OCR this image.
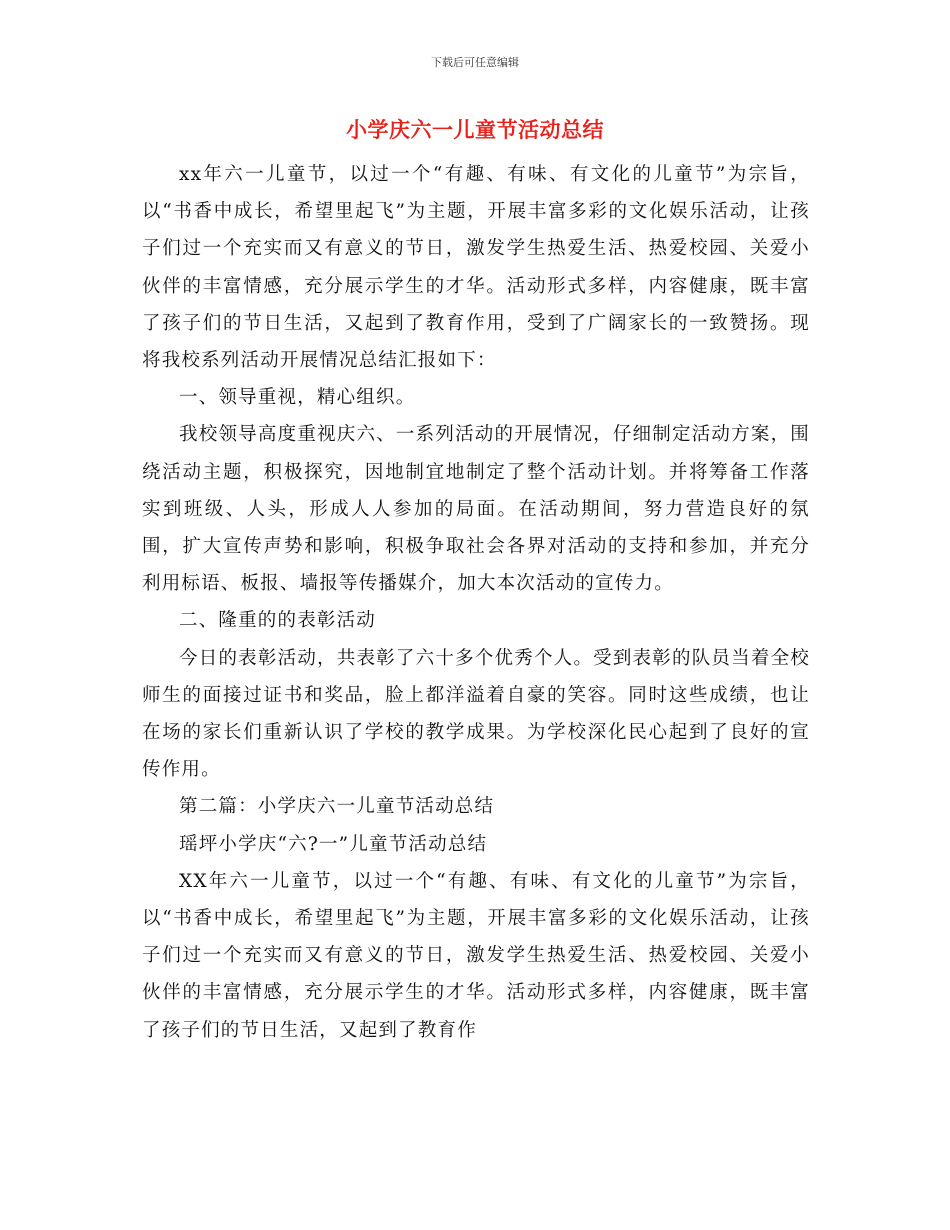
下载后可任意编辑
小学庆六一儿童节活动总结

xx年六一儿童节，以过一个“有趣、有味、有文化的儿童节”为宗旨，以“书香中成长，希望里起飞”为主题，开展丰富多彩的文化娱乐活动，让孩子们过一个充实而又有意义的节日，激发学生热爱生活、热爱校园、关爱小伙伴的丰富情感，充分展示学生的才华。活动形式多样，内容健康，既丰富了孩子们的节日生活，又起到了教育作用，受到了广阔家长的一致赞扬。现将我校系列活动开展情况总结汇报如下：

一、领导重视，精心组织。

我校领导高度重视庆六、一系列活动的开展情况，仔细制定活动方案，围绕活动主题，积极探究，因地制宜地制定了整个活动计划。并将筹备工作落实到班级、人头，形成人人参加的局面。在活动期间，努力营造良好的氛围，扩大宣传声势和影响，积极争取社会各界对活动的支持和参加，并充分利用标语、板报、墙报等传播媒介，加大本次活动的宣传力。

二、隆重的的表彰活动

今日的表彰活动，共表彰了六十多个优秀个人。受到表彰的队员当着全校师生的面接过证书和奖品，脸上都洋溢着自豪的笑容。同时这些成绩，也让在场的家长们重新认识了学校的教学成果。为学校深化民心起到了良好的宣传作用。

第二篇：小学庆六一儿童节活动总结

瑶坪小学庆“六?一”儿童节活动总结

XX年六一儿童节，以过一个“有趣、有味、有文化的儿童节”为宗旨，以“书香中成长，希望里起飞”为主题，开展丰富多彩的文化娱乐活动，让孩子们过一个充实而又有意义的节日，激发学生热爱生活、热爱校园、关爱小伙伴的丰富情感，充分展示学生的才华。活动形式多样，内容健康，既丰富了孩子们的节日生活，又起到了教育作
